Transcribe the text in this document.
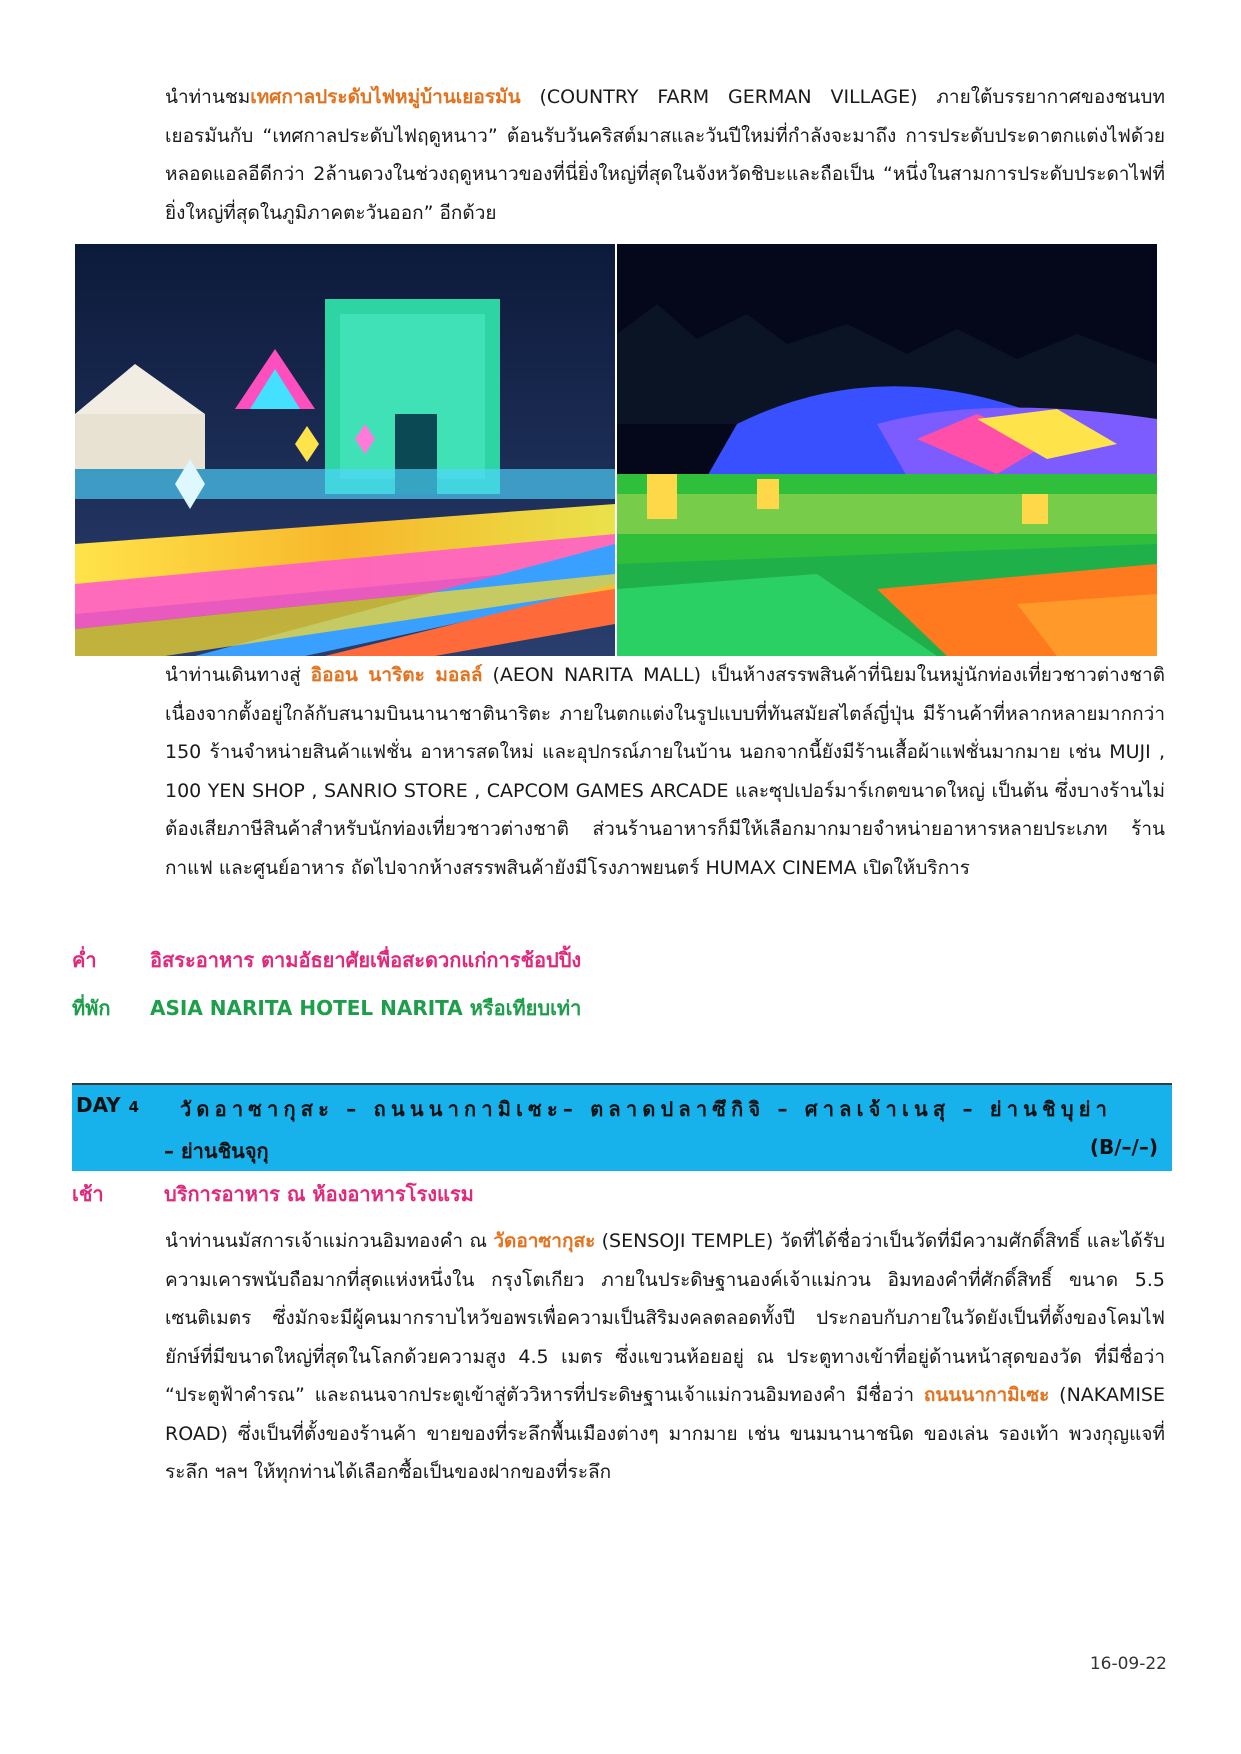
นำท่านชมเทศกาลประดับไฟหมู่บ้านเยอรมัน (COUNTRY FARM GERMAN VILLAGE) ภายใต้บรรยากาศของชนบทเยอรมันกับ “เทศกาลประดับไฟฤดูหนาว” ต้อนรับวันคริสต์มาสและวันปีใหม่ที่กำลังจะมาถึง การประดับประดาตกแต่งไฟด้วยหลอดแอลอีดีกว่า 2ล้านดวงในช่วงฤดูหนาวของที่นี่ยิ่งใหญ่ที่สุดในจังหวัดชิบะและถือเป็น “หนึ่งในสามการประดับประดาไฟที่ยิ่งใหญ่ที่สุดในภูมิภาคตะวันออก” อีกด้วย

นำท่านเดินทางสู่ อิออน นาริตะ มอลล์ (AEON NARITA MALL) เป็นห้างสรรพสินค้าที่นิยมในหมู่นักท่องเที่ยวชาวต่างชาติ เนื่องจากตั้งอยู่ใกล้กับสนามบินนานาชาตินาริตะ ภายในตกแต่งในรูปแบบที่ทันสมัยสไตล์ญี่ปุ่น มีร้านค้าที่หลากหลายมากกว่า 150 ร้านจำหน่ายสินค้าแฟชั่น อาหารสดใหม่ และอุปกรณ์ภายในบ้าน นอกจากนี้ยังมีร้านเสื้อผ้าแฟชั่นมากมาย เช่น MUJI , 100 YEN SHOP , SANRIO STORE , CAPCOM GAMES ARCADE และซุปเปอร์มาร์เกตขนาดใหญ่ เป็นต้น ซึ่งบางร้านไม่ต้องเสียภาษีสินค้าสำหรับนักท่องเที่ยวชาวต่างชาติ ส่วนร้านอาหารก็มีให้เลือกมากมายจำหน่ายอาหารหลายประเภท ร้านกาแฟ และศูนย์อาหาร ถัดไปจากห้างสรรพสินค้ายังมีโรงภาพยนตร์ HUMAX CINEMA เปิดให้บริการ

ค่ำ	อิสระอาหาร ตามอัธยาศัยเพื่อสะดวกแก่การช้อปปิ้ง
ที่พัก ASIA NARITA HOTEL NARITA หรือเทียบเท่า
DAY 4 วัดอาซากุสะ – ถนนนากามิเซะ– ตลาดปลาซึกิจิ – ศาลเจ้าเนสุ – ย่านชิบุย่า
– ย่านชินจุกุ	(B/–/–)
เช้า	บริการอาหาร ณ ห้องอาหารโรงแรม

นำท่านนมัสการเจ้าแม่กวนอิมทองคำ ณ วัดอาซากุสะ (SENSOJI TEMPLE) วัดที่ได้ชื่อว่าเป็นวัดที่มีความศักดิ์สิทธิ์ และได้รับความเคารพนับถือมากที่สุดแห่งหนึ่งใน กรุงโตเกียว ภายในประดิษฐานองค์เจ้าแม่กวน อิมทองคำที่ศักดิ์สิทธิ์ ขนาด 5.5 เซนติเมตร ซึ่งมักจะมีผู้คนมากราบไหว้ขอพรเพื่อความเป็นสิริมงคลตลอดทั้งปี ประกอบกับภายในวัดยังเป็นที่ตั้งของโคมไฟยักษ์ที่มีขนาดใหญ่ที่สุดในโลกด้วยความสูง 4.5 เมตร ซึ่งแขวนห้อยอยู่ ณ ประตูทางเข้าที่อยู่ด้านหน้าสุดของวัด ที่มีชื่อว่า “ประตูฟ้าคำรณ” และถนนจากประตูเข้าสู่ตัววิหารที่ประดิษฐานเจ้าแม่กวนอิมทองคำ มีชื่อว่า ถนนนากามิเซะ (NAKAMISE ROAD) ซึ่งเป็นที่ตั้งของร้านค้า ขายของที่ระลึกพื้นเมืองต่างๆ มากมาย เช่น ขนมนานาชนิด ของเล่น รองเท้า พวงกุญแจที่ระลึก ฯลฯ ให้ทุกท่านได้เลือกซื้อเป็นของฝากของที่ระลึก

16-09-22
